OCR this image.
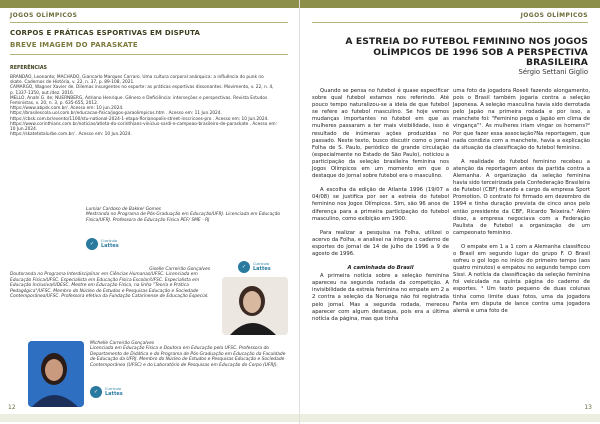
JOGOS OLÍMPICOS
CORPOS E PRÁTICAS ESPORTIVAS EM DISPUTA
BREVE IMAGEM DO PARASKATE
REFERÊNCIAS

BRANDÃO, Leonardo; MACHADO, Giancarlo Marques Carraro. Uma cultura corporal anárquica: a influência do punk no skate. Cadernos de História, v. 22, n. 37, p. 89-108, 2021.

CAMARGO, Wagner Xavier de. Dilemas insurgentes no esporte: as práticas esportivas dissonantes. Movimento, v. 22, n. 4, p. 1337-1350, out./dez. 2016.

MELLO, Anahí G. de; NUERNBERG, Adriano Henrique. Gênero e Deficiência: interseções e perspectivas. Revista Estudos Feministas, v. 20, n. 3, p. 635-655, 2012.

https://www.abpsk.com.br/. Acesso em: 10 jun.2024.

https://brasilescola.uol.com.br/educacao-fisica/jogos-paraolimpicos.htm . Acesso em: 11 Jun.2024.

https://cbsk.com.br/evento/1100/stu-national-2024-1-etapa-florianopolis-street-inscricoes-pro . Acesso em: 10 Jun.2024.

https://www.corinthians.com.br/noticias/atleta-do-corinthians-vinicius-sardi-e-campeao-brasileiro-de-paraskate . Acesso em: 10 Jun.2024.

https://skatetotalurbe.com.br/ . Acesso em: 10 Jun.2024.

Lumiar Cardoso de Bakker Gomes
Mestranda no Programa de Pós-Graduação em Educação/UFRJ. Licenciada em Educação Física/UFRJ. Professora de Educação Física PEF/ SME - RJ
✓
Currículo
Lattes
✓
Currículo
Lattes
Giselle Carreirão Gonçalves
Doutoranda no Programa Interdisciplinar em Ciências Humanas/UFSC. Licenciada em Educação Física/UFSC. Especialista em Educação Física Escolar/UFSC. Especialista em Educação Inclusiva/UDESC. Mestre em Educação Física, na linha "Teoria e Prática Pedagógica"/UFSC. Membro do Núcleo de Estudos e Pesquisas Educação e Sociedade Contemporânea/UFSC. Professora efetiva da Fundação Catarinense de Educação Especial.
Michelle Carreirão Gonçalves
Licenciada em Educação Física e Doutora em Educação pela UFSC. Professora do Departamento de Didática e do Programa de Pós-Graduação em Educação da Faculdade de Educação da UFRJ. Membro do Núcleo de Estudos e Pesquisas Educação e Sociedade Contemporânea (UFSC) e do Laboratório de Pesquisas em Educação do Corpo (UFRJ).
✓
Currículo
Lattes
12
JOGOS OLÍMPICOS
A ESTREIA DO FUTEBOL FEMININO NOS JOGOS OLÍMPICOS DE 1996 SOB A PERSPECTIVA BRASILEIRA
Sérgio Settani Giglio

Quando se pensa no futebol é quase especificar sobre qual futebol estamos nos referindo. Até pouco tempo naturalizou-se a ideia de que futebol se refere ao futebol masculino. Se hoje vemos mudanças importantes no futebol em que as mulheres passaram a ter mais visibilidade, isso é resultado de inúmeras ações produzidas no passado. Neste texto, busco discutir como o jornal Folha de S. Paulo, periódico de grande circulação (especialmente no Estado de São Paulo), noticiou a participação da seleção brasileira feminina nos Jogos Olímpicos em um momento em que o destaque do jornal sobre futebol era o masculino.

A escolha da edição de Atlanta 1996 (19/07 a 04/08) se justifica por ser a estreia do futebol feminino nos Jogos Olímpicos. Sim, são 96 anos de diferença para a primeira participação do futebol masculino, como exibição em 1900.

Para realizar a pesquisa na Folha, utilizei o acervo da Folha, e analisei na íntegra o caderno de esportes do jornal de 14 de julho de 1996 a 9 de agosto de 1996.

A caminhada do Brasil

A primeira notícia sobre a seleção feminina apareceu na segunda rodada da competição. A invisibilidade da estreia feminina no empate em 2 a 2 contra a seleção da Noruega não foi registrada pelo jornal. Mas a segunda rodada, mereceu aparecer com algum destaque, pois era a última notícia da página, mas que tinha

uma foto da jogadora Roseli fazendo alongamento, pois o Brasil também jogaria contra a seleção Japonesa. A seleção masculina havia sido derrotada pelo Japão na primeira rodada e por isso, a manchete foi: "Feminino pega o Japão em clima de vingança"¹. As mulheres iriam vingar os homens?² Por que fazer essa associação?Na reportagem, que nada condizia com a manchete, havia a explicação da situação da classificação do futebol feminino.

A realidade do futebol feminino recebeu a atenção da reportagem antes da partida contra a Alemanha. A organização da seleção feminina havia sido terceirizada pela Confederação Brasileira de Futebol (CBF) ficando a cargo da empresa Sport Promotion. O contrato foi firmado em dezembro de 1994 e tinha duração prevista de cinco anos pelo então presidente da CBF, Ricardo Teixeira.³ Além disso, a empresa negociava com a Federação Paulista de Futebol a organização de um campeonato feminino.

O empate em 1 a 1 com a Alemanha classificou o Brasil em segundo lugar do grupo F. O Brasil sofreu o gol logo no início do primeiro tempo (aos quatro minutos) e empatou no segundo tempo com Sissi. A notícia da classificação da seleção feminina foi veiculada na quinta página do caderno de esportes. ⁴ Um texto pequeno de duas colunas tinha como limite duas fotos, uma da jogadora Fanta em disputa de lance contra uma jogadora alemã e uma foto de

13
